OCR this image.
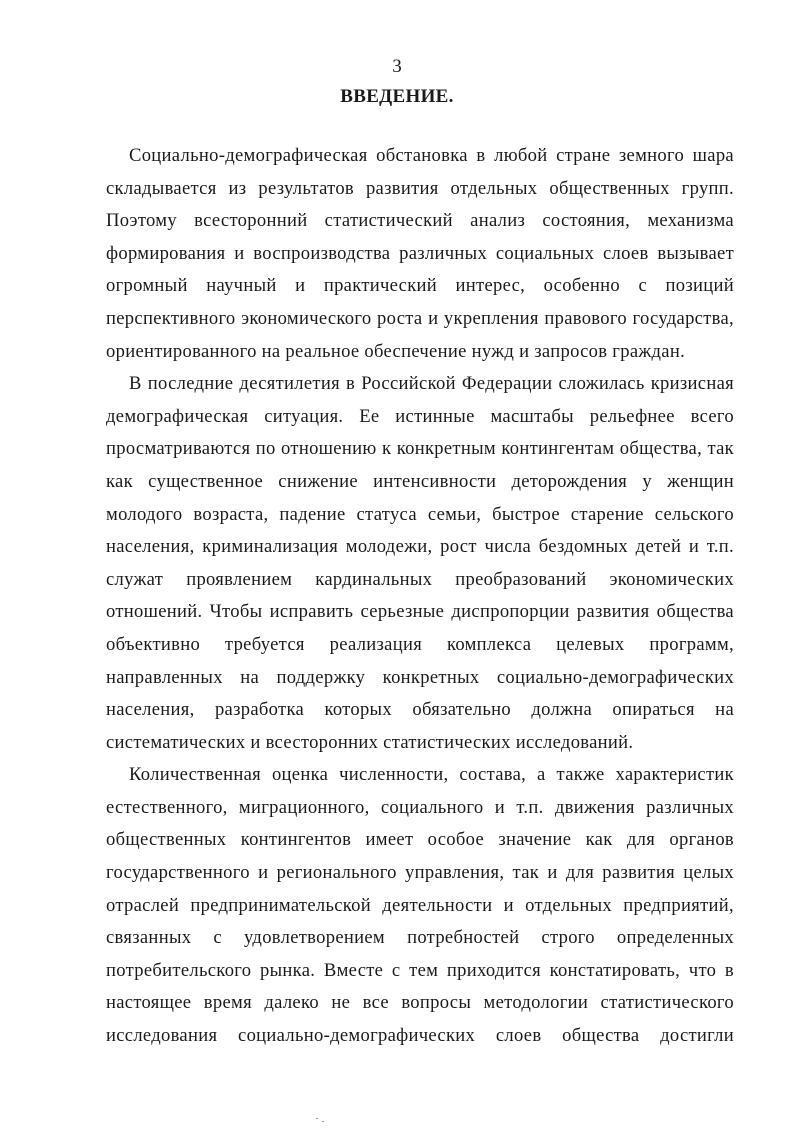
3
ВВЕДЕНИЕ.
Социально-демографическая обстановка в любой стране земного шара
складывается из результатов развития отдельных общественных групп.
Поэтому всесторонний статистический анализ состояния, механизма
формирования и воспроизводства различных социальных слоев вызывает
огромный научный и практический интерес, особенно с позиций
перспективного экономического роста и укрепления правового государства,
ориентированного на реальное обеспечение нужд и запросов граждан.
В последние десятилетия в Российской Федерации сложилась кризисная
демографическая ситуация. Ее истинные масштабы рельефнее всего
просматриваются по отношению к конкретным контингентам общества, так
как существенное снижение интенсивности деторождения у женщин
молодого возраста, падение статуса семьи, быстрое старение сельского
населения, криминализация молодежи, рост числа бездомных детей и т.п.
служат проявлением кардинальных преобразований экономических
отношений. Чтобы исправить серьезные диспропорции развития общества
объективно требуется реализация комплекса целевых программ,
направленных на поддержку конкретных социально-демографических
населения, разработка которых обязательно должна опираться на
систематических и всесторонних статистических исследований.
Количественная оценка численности, состава, а также характеристик
естественного, миграционного, социального и т.п. движения различных
общественных контингентов имеет особое значение как для органов
государственного и регионального управления, так и для развития целых
отраслей предпринимательской деятельности и отдельных предприятий,
связанных с удовлетворением потребностей строго определенных
потребительского рынка. Вместе с тем приходится констатировать, что в
настоящее время далеко не все вопросы методологии статистического
исследования социально-демографических слоев общества достигли
